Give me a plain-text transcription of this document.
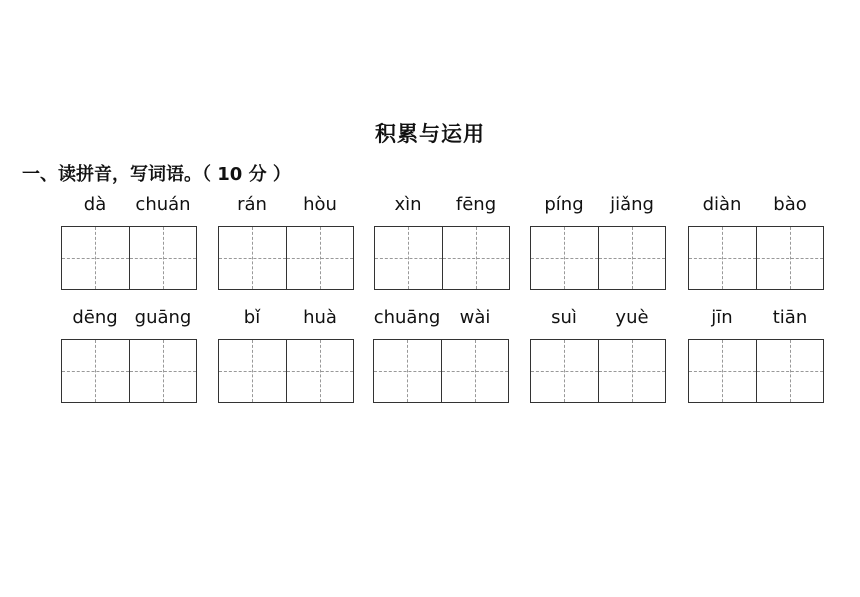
积累与运用
一、读拼音，写词语。（ 10 分 ）
dà	chuán	rán	hòu	xìn	fēng	píng	jiǎng	diàn	bào
dēng guāng	bǐ	huà	chuāng	wài	suì	yuè	jīn	tiān
